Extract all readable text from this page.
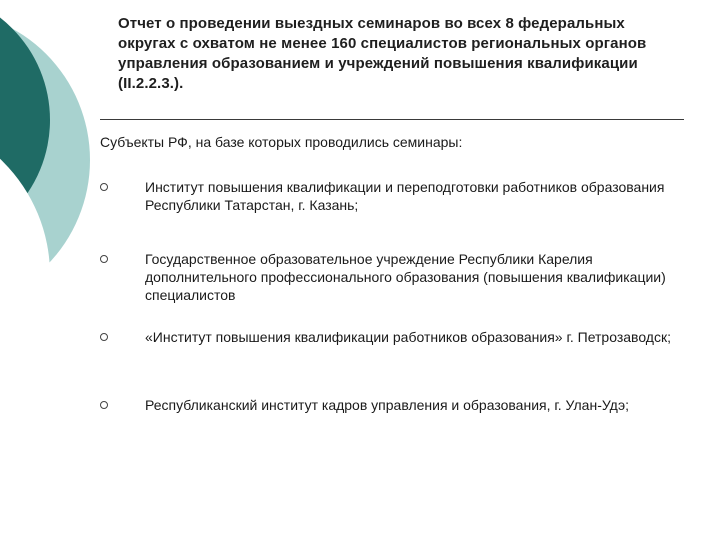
Отчет о проведении выездных семинаров во всех 8 федеральных округах с охватом не менее 160 специалистов региональных органов управления образованием и учреждений повышения квалификации (II.2.2.3.).
Субъекты РФ, на базе которых проводились семинары:
Институт повышения квалификации и переподготовки работников образования Республики Татарстан, г. Казань;
Государственное образовательное учреждение Республики Карелия дополнительного профессионального образования (повышения квалификации) специалистов
«Институт повышения квалификации работников образования» г. Петрозаводск;
Республиканский институт кадров управления и образования, г. Улан-Удэ;
